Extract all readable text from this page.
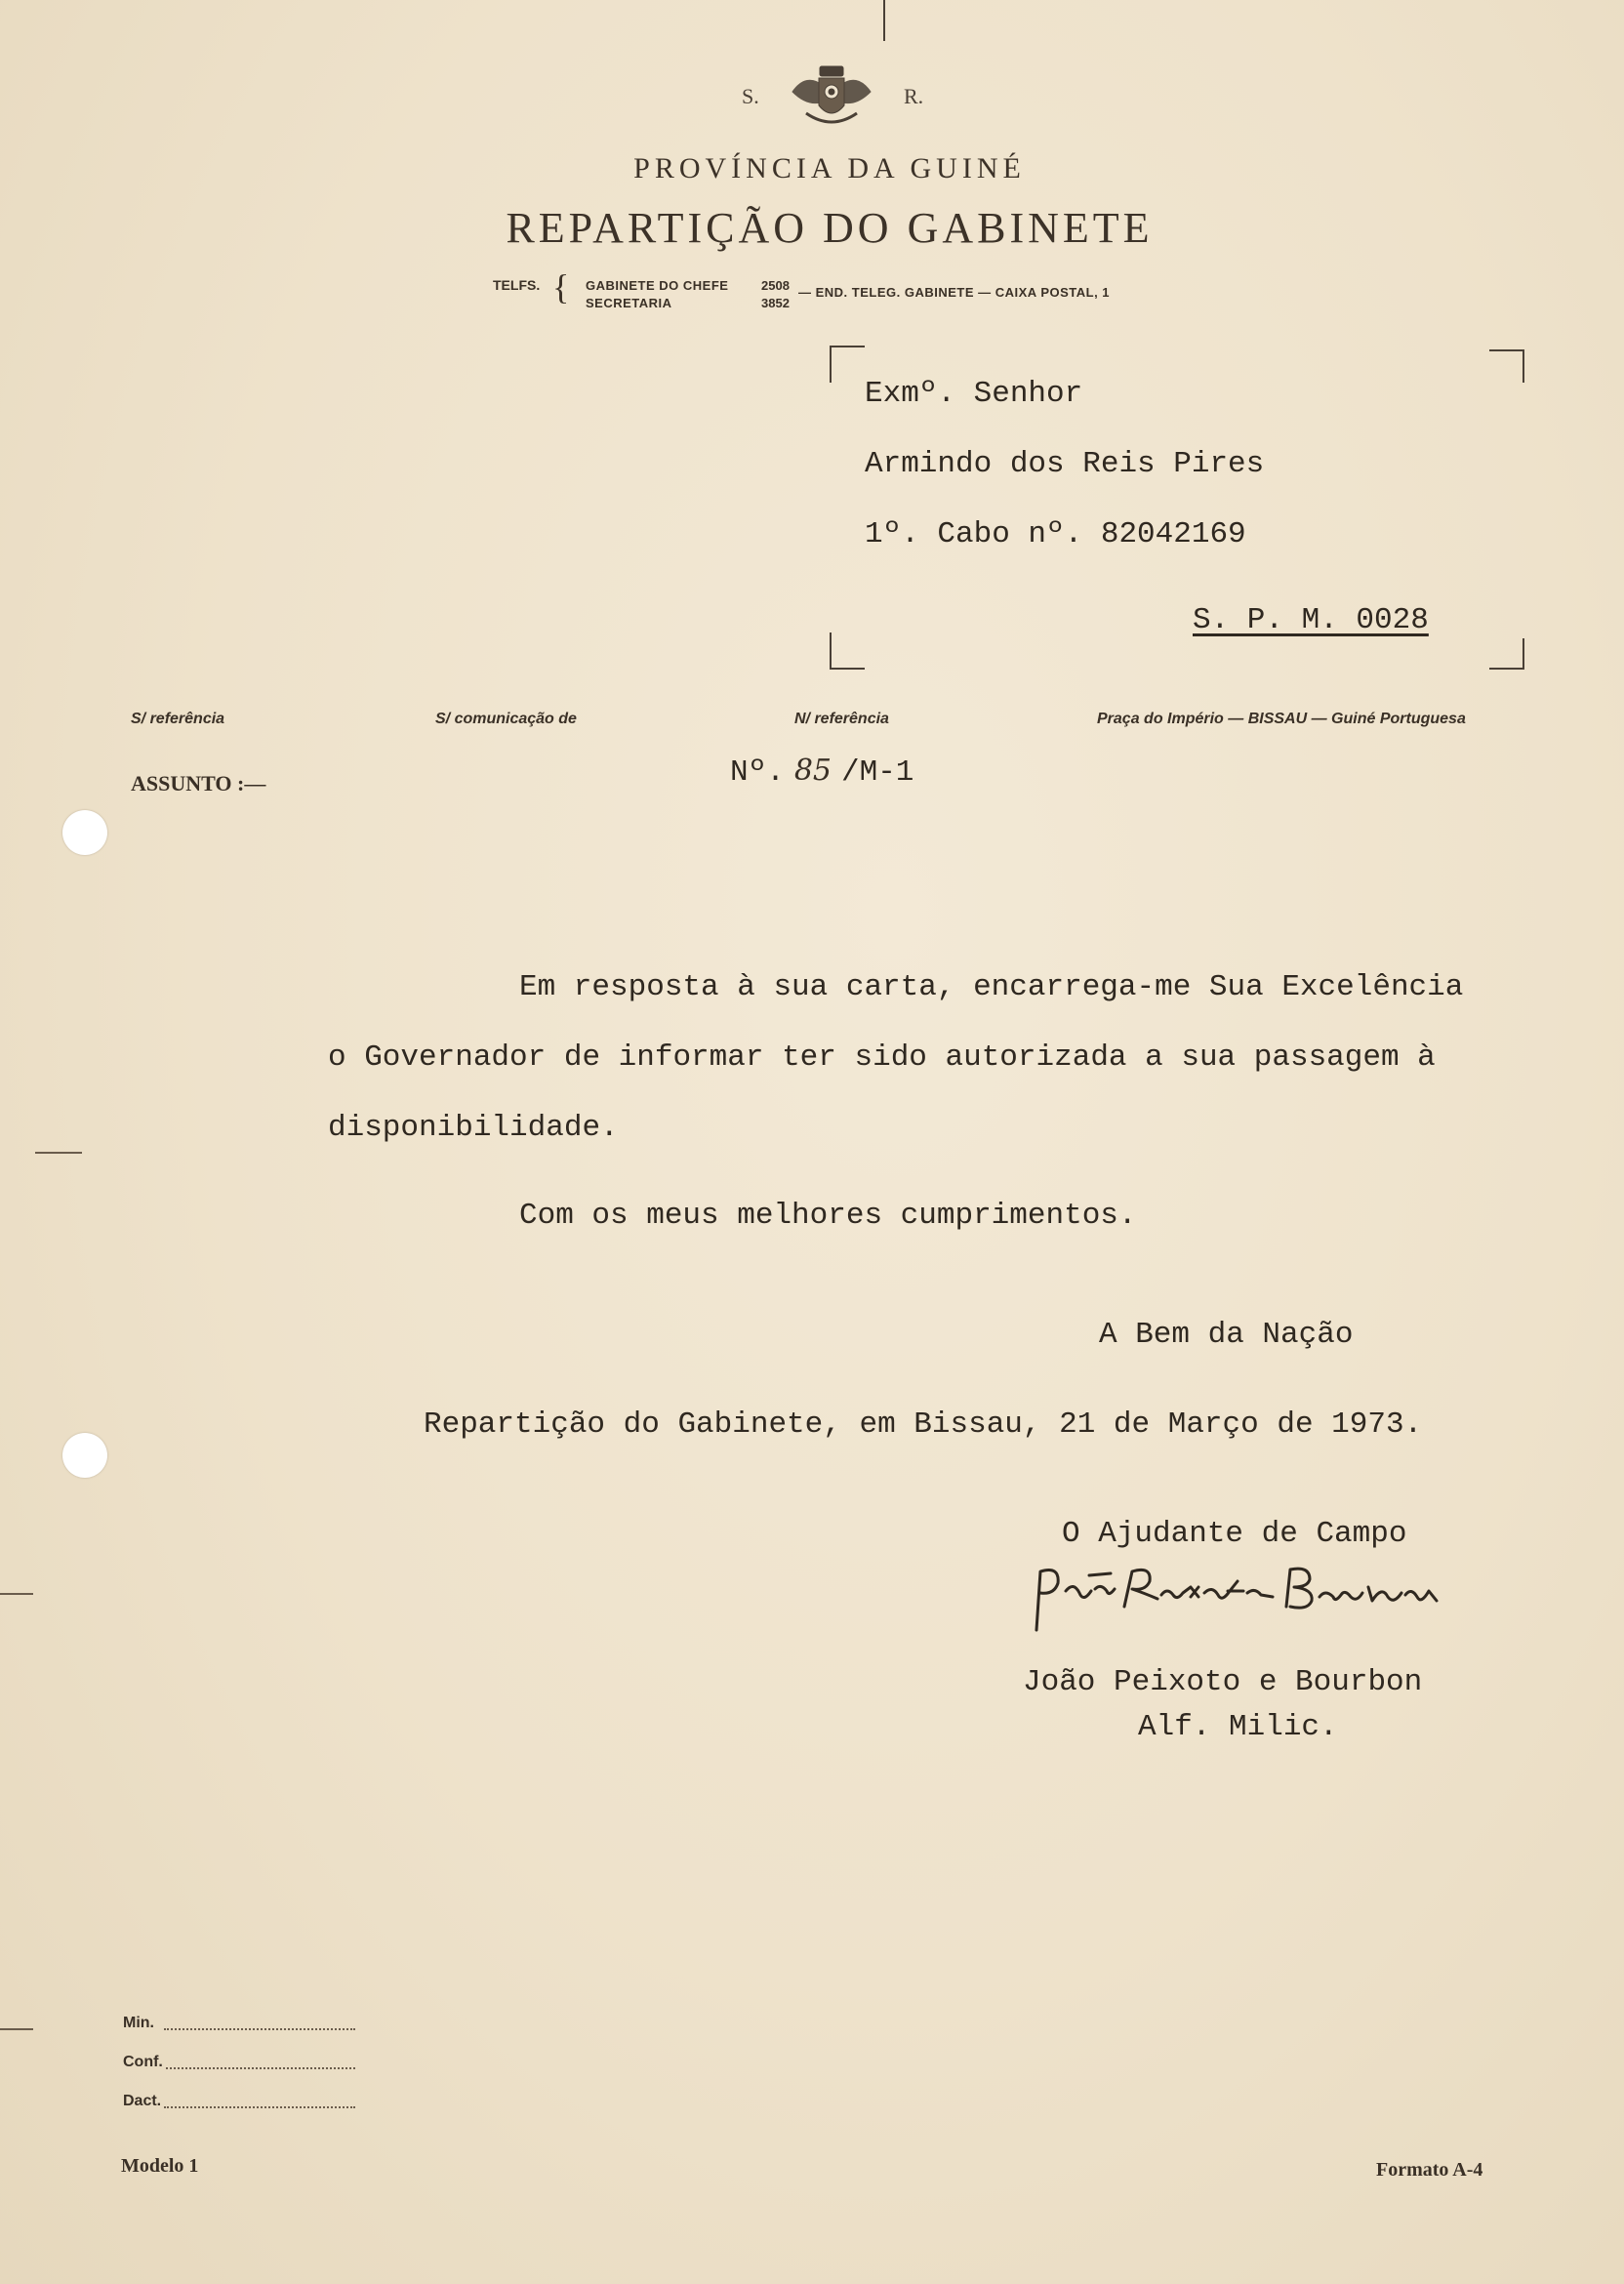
S.	R.
PROVÍNCIA DA GUINÉ
REPARTIÇÃO DO GABINETE
TELFS. { GABINETE DO CHEFE	2508
SECRETARIA	3852
— END. TELEG. GABINETE — CAIXA POSTAL, 1
Exmº. Senhor
Armindo dos Reis Pires
1º. Cabo nº. 82042169
S. P. M. 0028
S/ referência	S/ comunicação de	N/ referência	Praça do Império — BISSAU — Guiné Portuguesa
ASSUNTO :—	Nº. 85 /M-1
Em resposta à sua carta, encarrega-me Sua Excelência
o Governador de informar ter sido autorizada a sua passagem à
disponibilidade.
Com os meus melhores cumprimentos.
A Bem da Nação
Repartição do Gabinete, em Bissau, 21 de Março de 1973.
O Ajudante de Campo
João Peixoto e Bourbon
Alf. Milic.
Min.
Conf.
Dact.
Modelo 1	Formato A-4
